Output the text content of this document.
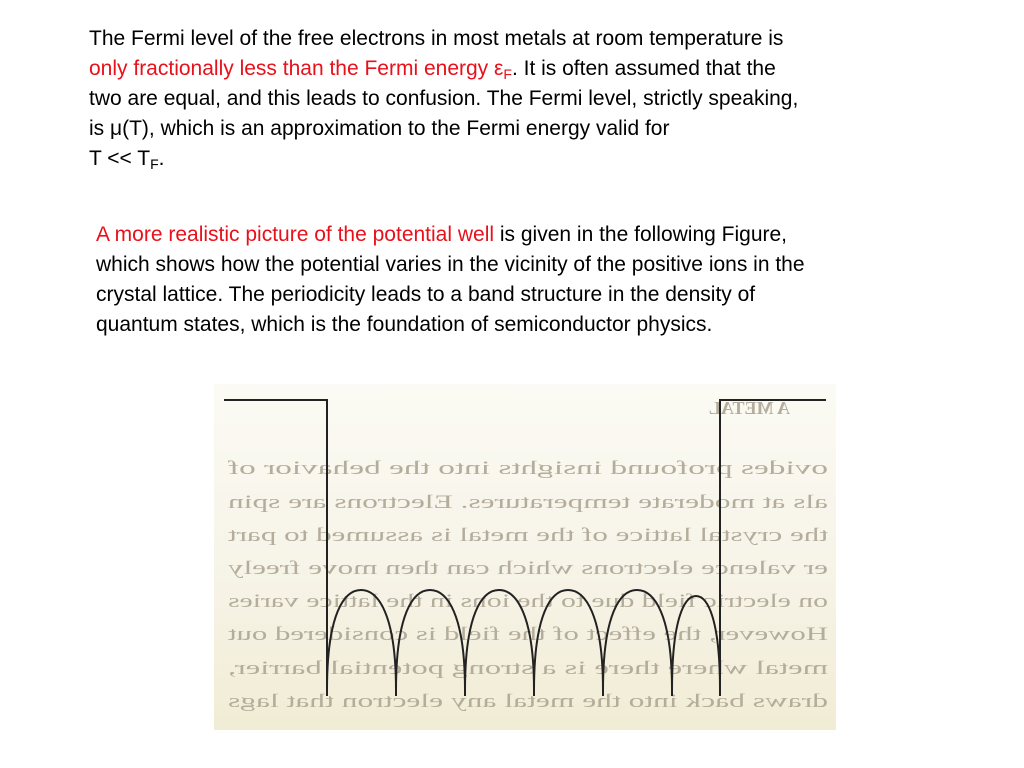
The Fermi level of the free electrons in most metals at room temperature is
only fractionally less than the Fermi energy $\varepsilon_F$. It is often assumed that the
two are equal, and this leads to confusion. The Fermi level, strictly speaking,
is μ(T), which is an approximation to the Fermi energy valid for
$T << T_F$.
A more realistic picture of the potential well is given in the following Figure,
which shows how the potential varies in the vicinity of the positive ions in the
crystal lattice. The periodicity leads to a band structure in the density of
quantum states, which is the foundation of semiconductor physics.
A METAL
ovides profound insights into the behavior of
als at moderate temperatures. Electrons are spin
the crystal lattice of the metal is assumed to part
er valence electrons which can then move freely
on electric field due to the ions in the lattice varies
However, the effect of the field is considered out
metal where there is a strong potential barrier,
draws back into the metal any electron that lags
